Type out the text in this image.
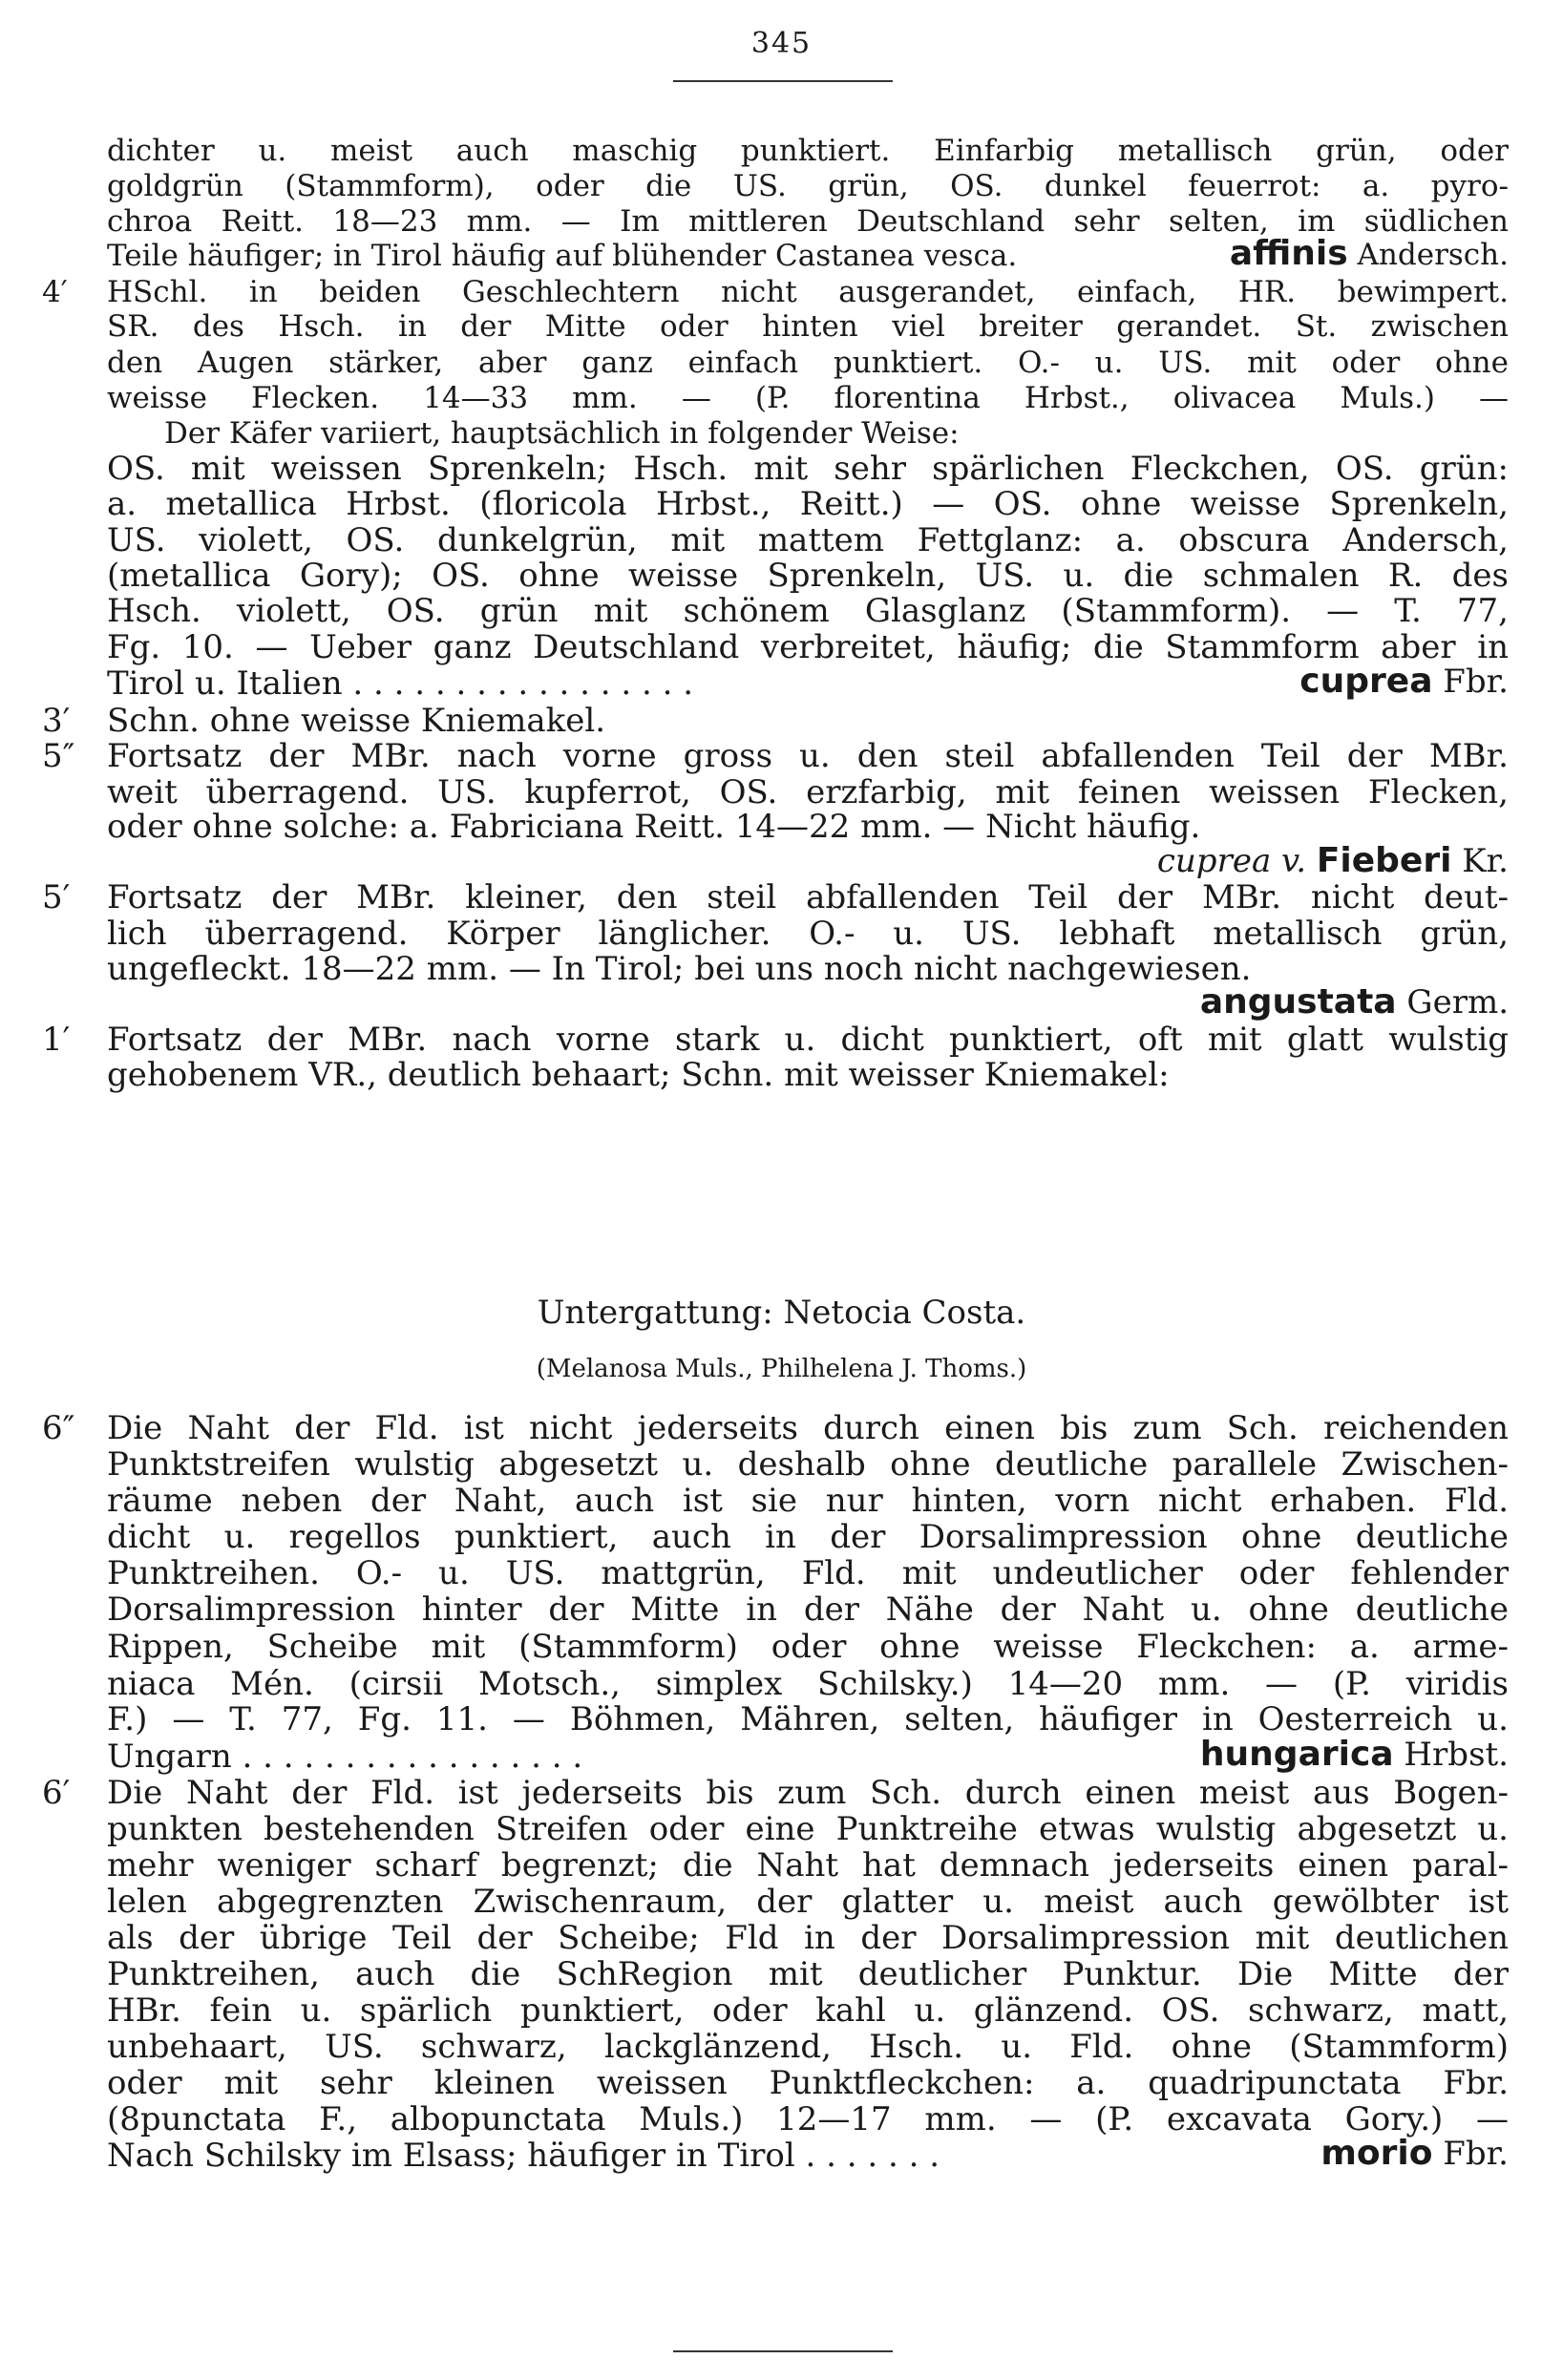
345
dichter u. meist auch maschig punktiert. Einfarbig metallisch grün, oder
goldgrün (Stammform), oder die US. grün, OS. dunkel feuerrot: a. pyro-
chroa Reitt. 18—23 mm. — Im mittleren Deutschland sehr selten, im südlichen
Teile häufiger; in Tirol häufig auf blühender Castanea vesca.	affinis Andersch.
4′ HSchl. in beiden Geschlechtern nicht ausgerandet, einfach, HR. bewimpert.
SR. des Hsch. in der Mitte oder hinten viel breiter gerandet. St. zwischen
den Augen stärker, aber ganz einfach punktiert. O.- u. US. mit oder ohne
weisse Flecken. 14—33 mm. — (P. florentina Hrbst., olivacea Muls.) —
Der Käfer variiert, hauptsächlich in folgender Weise:
OS. mit weissen Sprenkeln; Hsch. mit sehr spärlichen Fleckchen, OS. grün:
a. metallica Hrbst. (floricola Hrbst., Reitt.) — OS. ohne weisse Sprenkeln,
US. violett, OS. dunkelgrün, mit mattem Fettglanz: a. obscura Andersch,
(metallica Gory); OS. ohne weisse Sprenkeln, US. u. die schmalen R. des
Hsch. violett, OS. grün mit schönem Glasglanz (Stammform). — T. 77,
Fg. 10. — Ueber ganz Deutschland verbreitet, häufig; die Stammform aber in
Tirol u. Italien . . . . . . . . . . . . . . . . .	cuprea Fbr.
3′ Schn. ohne weisse Kniemakel.
5″ Fortsatz der MBr. nach vorne gross u. den steil abfallenden Teil der MBr.
weit überragend. US. kupferrot, OS. erzfarbig, mit feinen weissen Flecken,
oder ohne solche: a. Fabriciana Reitt. 14—22 mm. — Nicht häufig.
cuprea v. Fieberi Kr.
5′ Fortsatz der MBr. kleiner, den steil abfallenden Teil der MBr. nicht deut-
lich überragend. Körper länglicher. O.- u. US. lebhaft metallisch grün,
ungefleckt. 18—22 mm. — In Tirol; bei uns noch nicht nachgewiesen.
angustata Germ.
1′ Fortsatz der MBr. nach vorne stark u. dicht punktiert, oft mit glatt wulstig
gehobenem VR., deutlich behaart; Schn. mit weisser Kniemakel:
6″ Die Naht der Fld. ist nicht jederseits durch einen bis zum Sch. reichenden
Punktstreifen wulstig abgesetzt u. deshalb ohne deutliche parallele Zwischen-
räume neben der Naht, auch ist sie nur hinten, vorn nicht erhaben. Fld.
dicht u. regellos punktiert, auch in der Dorsalimpression ohne deutliche
Punktreihen. O.- u. US. mattgrün, Fld. mit undeutlicher oder fehlender
Dorsalimpression hinter der Mitte in der Nähe der Naht u. ohne deutliche
Rippen, Scheibe mit (Stammform) oder ohne weisse Fleckchen: a. arme-
niaca Mén. (cirsii Motsch., simplex Schilsky.) 14—20 mm. — (P. viridis
F.) — T. 77, Fg. 11. — Böhmen, Mähren, selten, häufiger in Oesterreich u.
Ungarn . . . . . . . . . . . . . . . . .	hungarica Hrbst.
6′ Die Naht der Fld. ist jederseits bis zum Sch. durch einen meist aus Bogen-
punkten bestehenden Streifen oder eine Punktreihe etwas wulstig abgesetzt u.
mehr weniger scharf begrenzt; die Naht hat demnach jederseits einen paral-
lelen abgegrenzten Zwischenraum, der glatter u. meist auch gewölbter ist
als der übrige Teil der Scheibe; Fld in der Dorsalimpression mit deutlichen
Punktreihen, auch die SchRegion mit deutlicher Punktur. Die Mitte der
HBr. fein u. spärlich punktiert, oder kahl u. glänzend. OS. schwarz, matt,
unbehaart, US. schwarz, lackglänzend, Hsch. u. Fld. ohne (Stammform)
oder mit sehr kleinen weissen Punktfleckchen: a. quadripunctata Fbr.
(8punctata F., albopunctata Muls.) 12—17 mm. — (P. excavata Gory.) —
Nach Schilsky im Elsass; häufiger in Tirol . . . . . . .	morio Fbr.
Untergattung: Netocia Costa.
(Melanosa Muls., Philhelena J. Thoms.)
